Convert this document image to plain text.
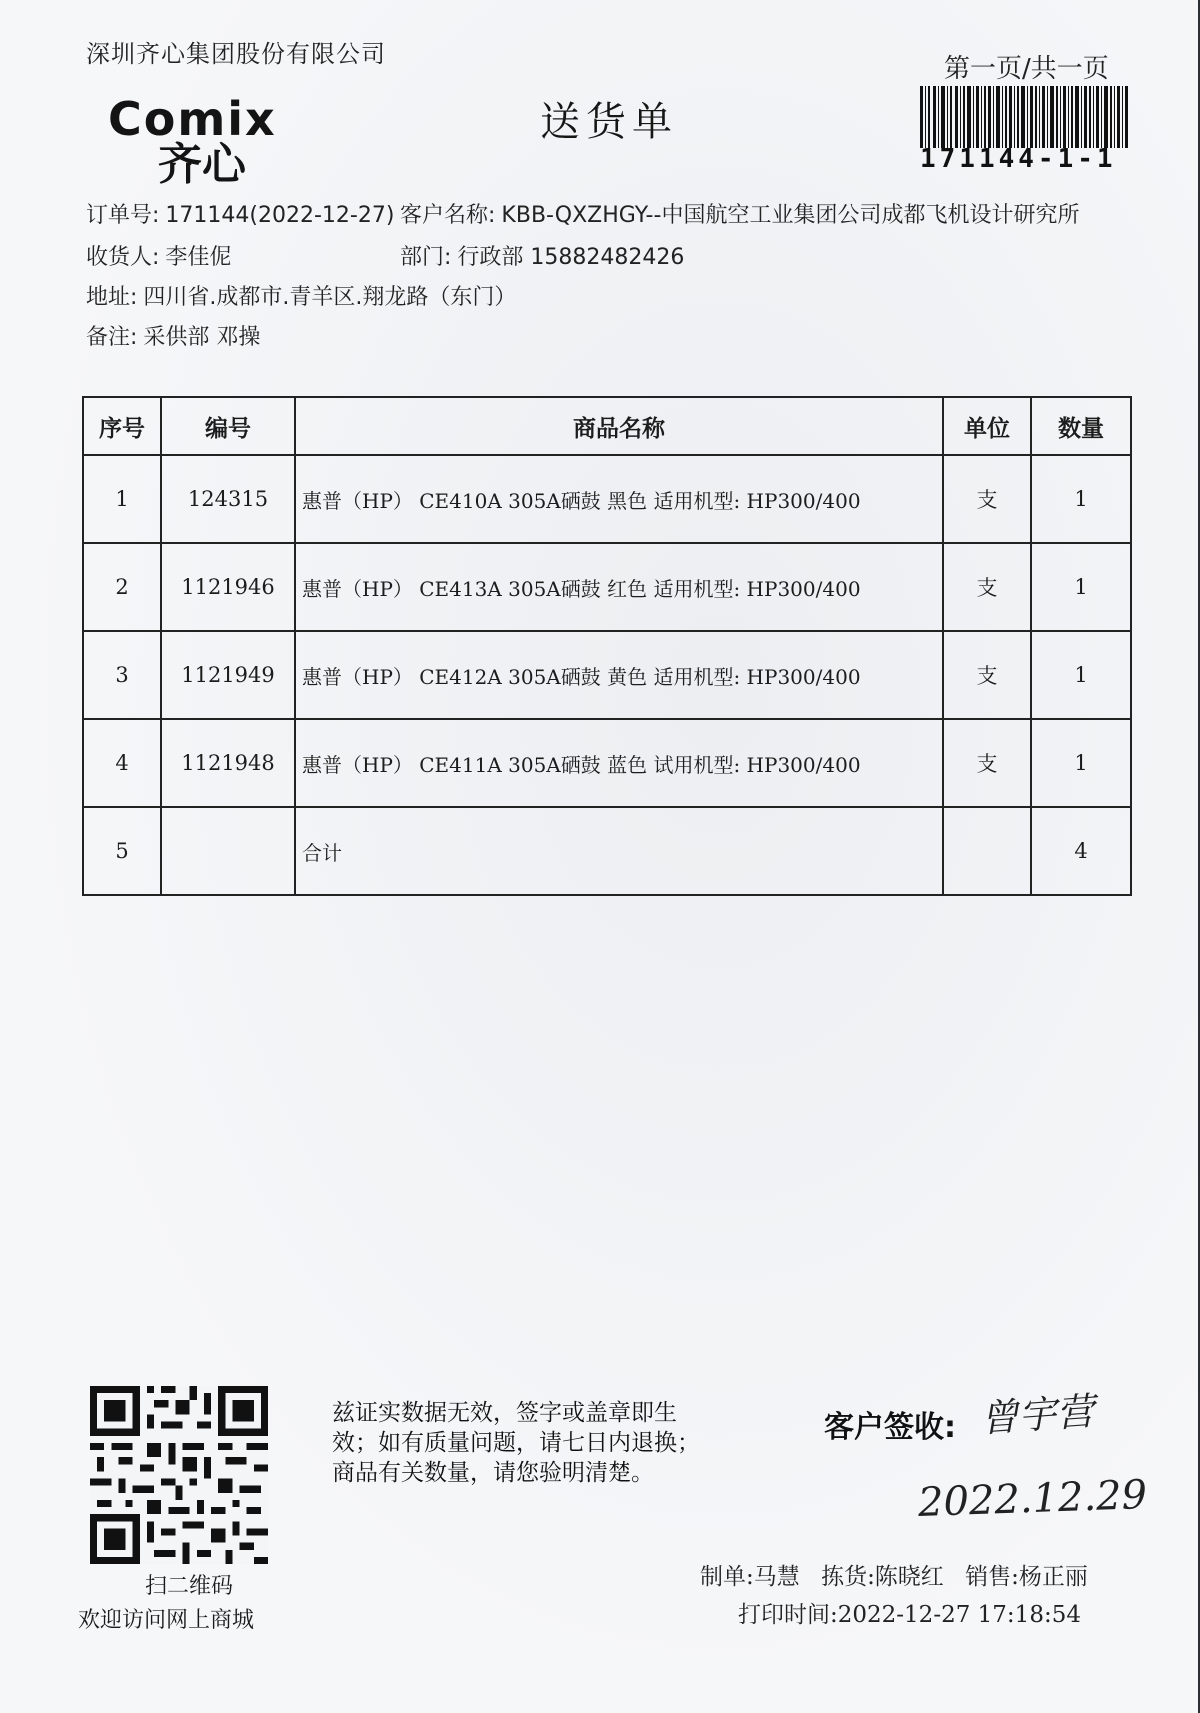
深圳齐心集团股份有限公司
Comix
齐心
送货单
第一页/共一页
171144-1-1
订单号: 171144(2022-12-27) 客户名称: KBB-QXZHGY--中国航空工业集团公司成都飞机设计研究所
收货人: 李佳伲	部门: 行政部 15882482426
地址: 四川省.成都市.青羊区.翔龙路（东门）
备注: 采供部 邓操
序号	编号	商品名称	单位	数量
1	124315	惠普（HP） CE410A 305A硒鼓 黑色 适用机型: HP300/400	支	1
2	1121946	惠普（HP） CE413A 305A硒鼓 红色 适用机型: HP300/400	支	1
3	1121949	惠普（HP） CE412A 305A硒鼓 黄色 适用机型: HP300/400	支	1
4	1121948	惠普（HP） CE411A 305A硒鼓 蓝色 试用机型: HP300/400	支	1
5		合计		4
扫二维码
欢迎访问网上商城
兹证实数据无效，签字或盖章即生
效；如有质量问题，请七日内退换；
商品有关数量，请您验明清楚。
客户签收: 曾宇营
2022.12.29
制单:马慧 拣货:陈晓红 销售:杨正丽
打印时间:2022-12-27 17:18:54
